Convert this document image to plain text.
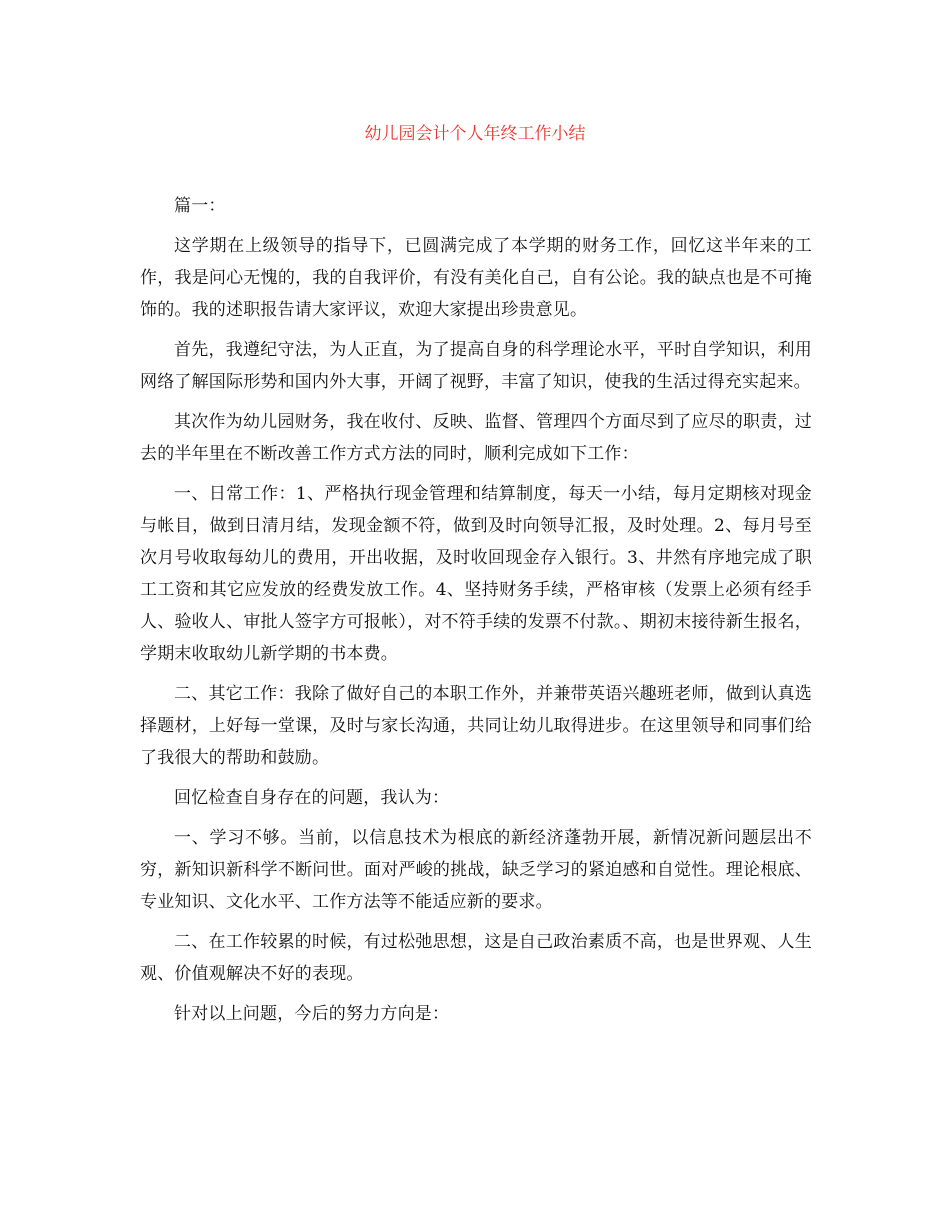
幼儿园会计个人年终工作小结

篇一：

这学期在上级领导的指导下，已圆满完成了本学期的财务工作，回忆这半年来的工作，我是问心无愧的，我的自我评价，有没有美化自己，自有公论。我的缺点也是不可掩饰的。我的述职报告请大家评议，欢迎大家提出珍贵意见。

首先，我遵纪守法，为人正直，为了提高自身的科学理论水平，平时自学知识，利用网络了解国际形势和国内外大事，开阔了视野，丰富了知识，使我的生活过得充实起来。

其次作为幼儿园财务，我在收付、反映、监督、管理四个方面尽到了应尽的职责，过去的半年里在不断改善工作方式方法的同时，顺利完成如下工作：

一、日常工作：1、严格执行现金管理和结算制度，每天一小结，每月定期核对现金与帐目，做到日清月结，发现金额不符，做到及时向领导汇报，及时处理。2、每月号至次月号收取每幼儿的费用，开出收据，及时收回现金存入银行。3、井然有序地完成了职工工资和其它应发放的经费发放工作。4、坚持财务手续，严格审核（发票上必须有经手人、验收人、审批人签字方可报帐），对不符手续的发票不付款。、期初末接待新生报名，学期末收取幼儿新学期的书本费。

二、其它工作：我除了做好自己的本职工作外，并兼带英语兴趣班老师，做到认真选择题材，上好每一堂课，及时与家长沟通，共同让幼儿取得进步。在这里领导和同事们给了我很大的帮助和鼓励。

回忆检查自身存在的问题，我认为：

一、学习不够。当前，以信息技术为根底的新经济蓬勃开展，新情况新问题层出不穷，新知识新科学不断问世。面对严峻的挑战，缺乏学习的紧迫感和自觉性。理论根底、专业知识、文化水平、工作方法等不能适应新的要求。

二、在工作较累的时候，有过松弛思想，这是自己政治素质不高，也是世界观、人生观、价值观解决不好的表现。

针对以上问题，今后的努力方向是：
